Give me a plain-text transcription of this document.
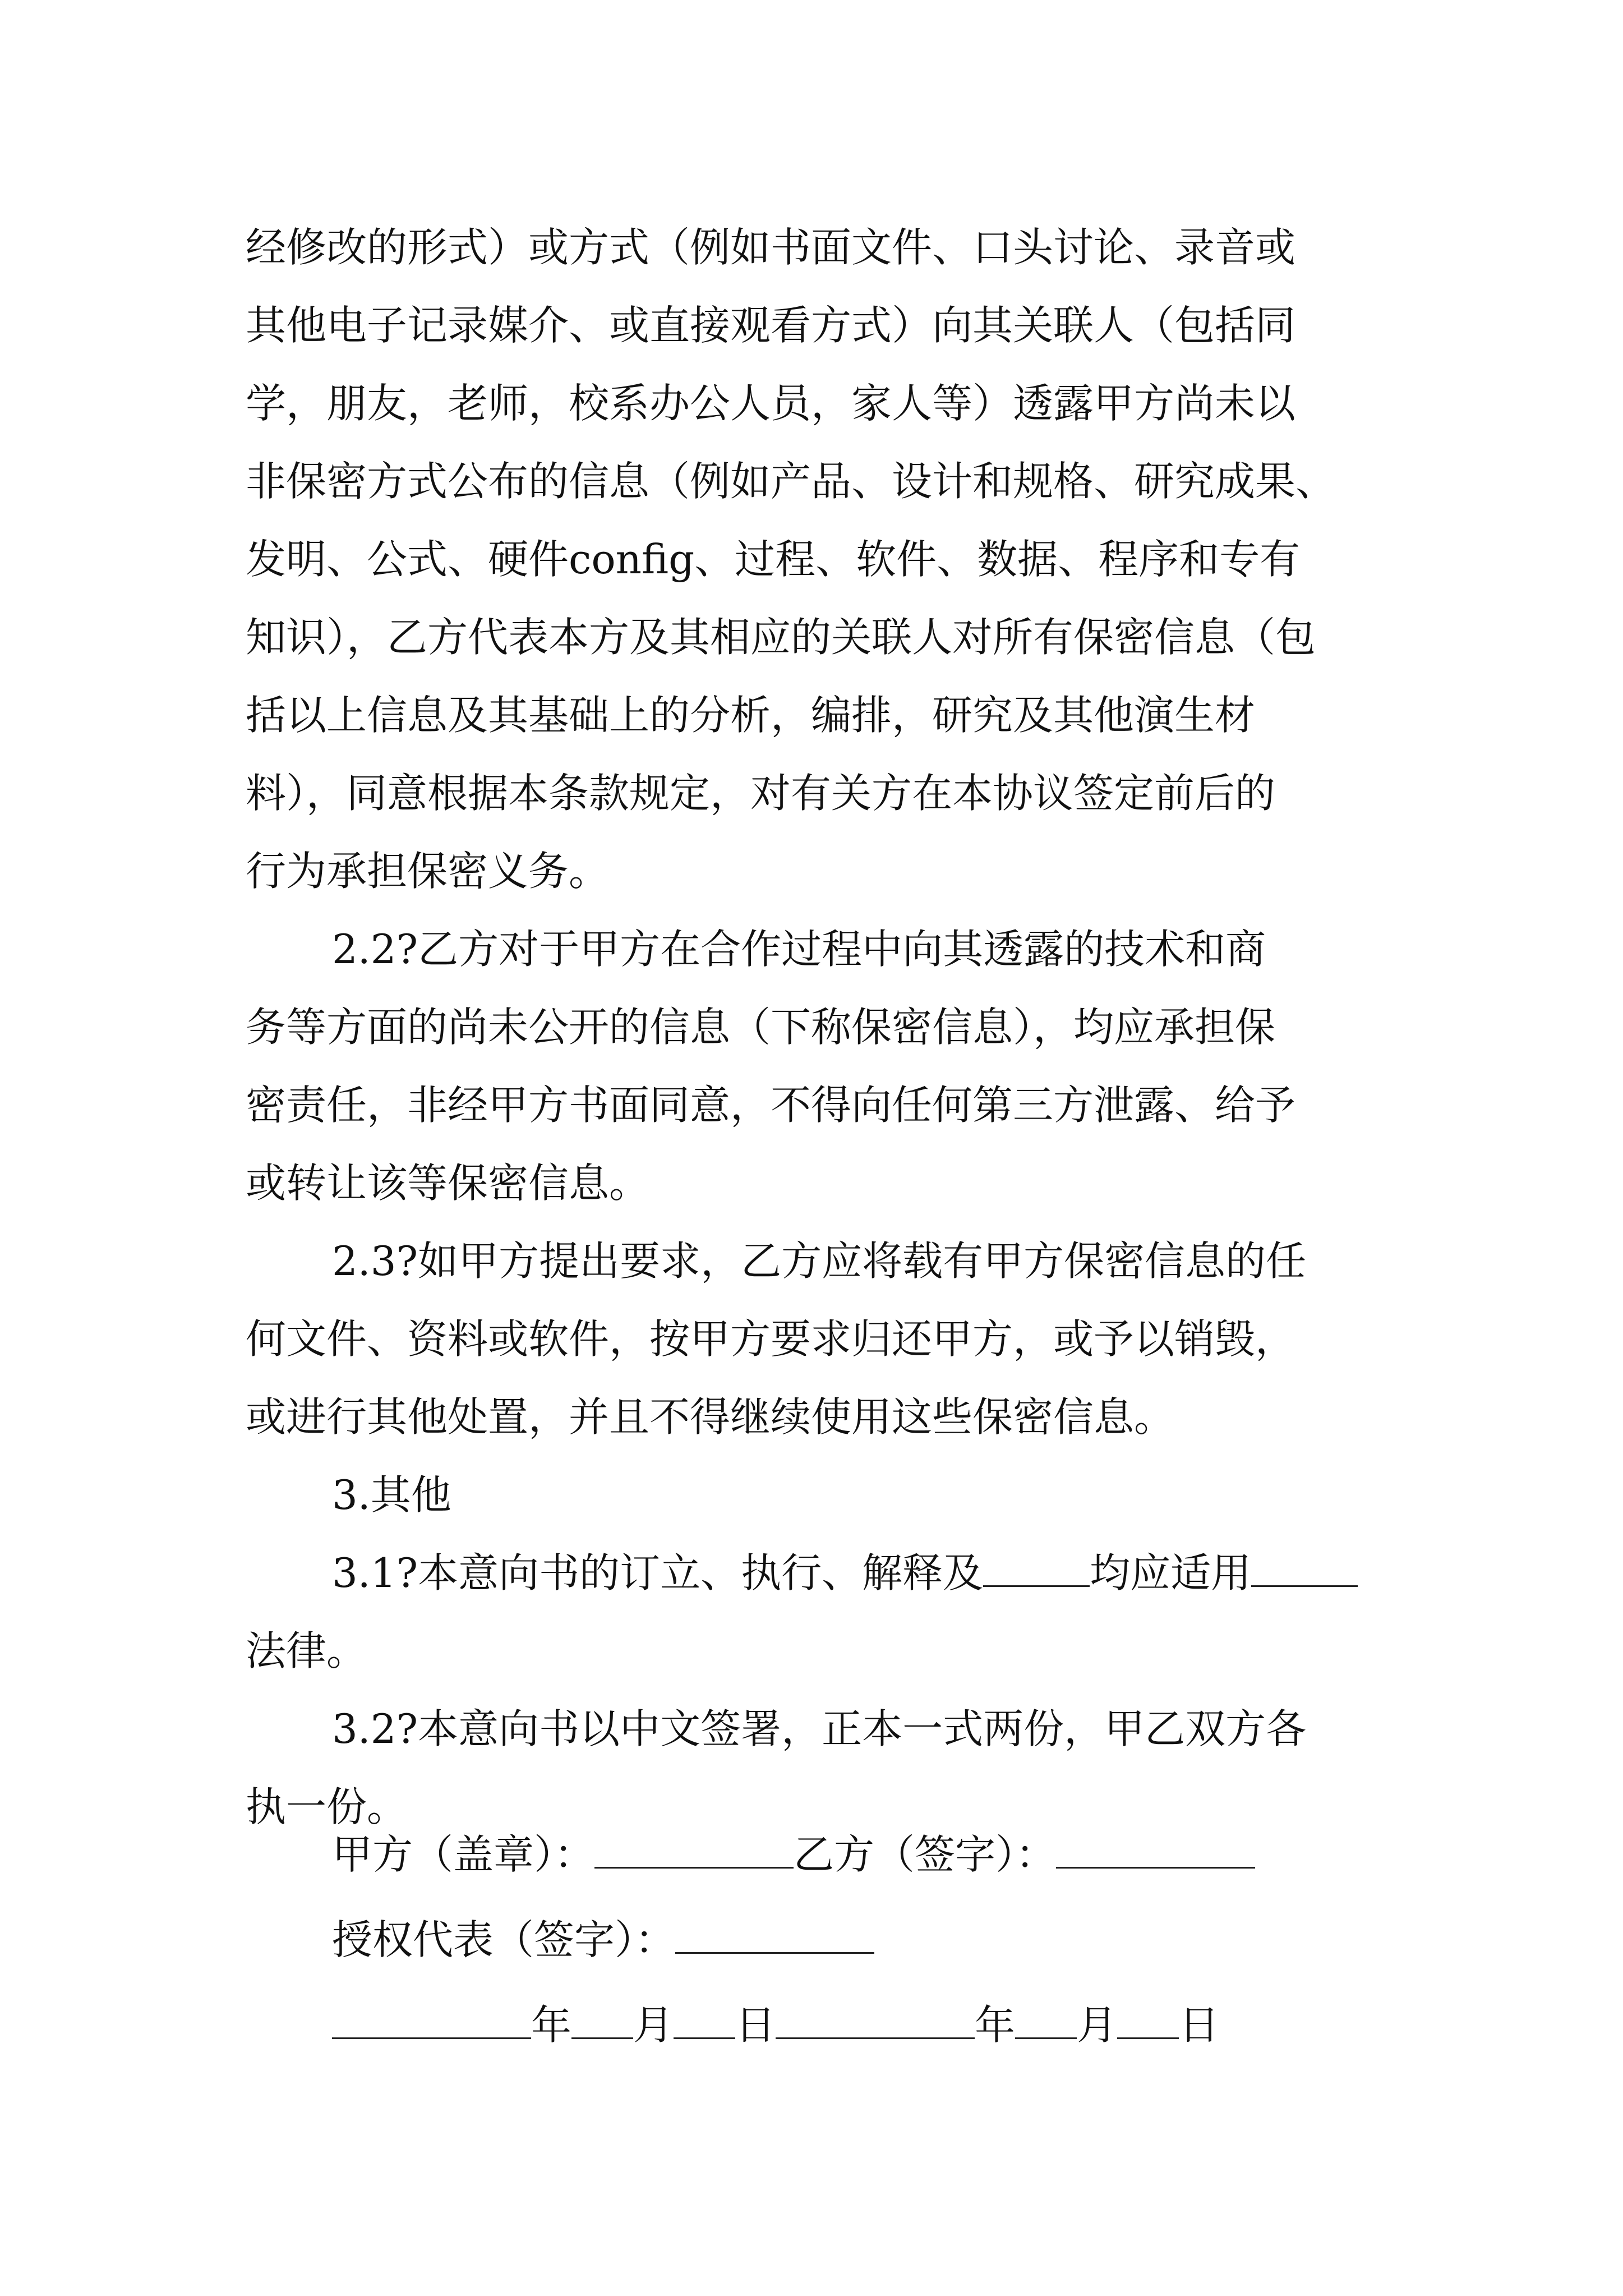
经修改的形式）或方式（例如书面文件、口头讨论、录音或
其他电子记录媒介、或直接观看方式）向其关联人（包括同
学，朋友，老师，校系办公人员，家人等）透露甲方尚未以
非保密方式公布的信息（例如产品、设计和规格、研究成果、
发明、公式、硬件config、过程、软件、数据、程序和专有
知识），乙方代表本方及其相应的关联人对所有保密信息（包
括以上信息及其基础上的分析，编排，研究及其他演生材
料），同意根据本条款规定，对有关方在本协议签定前后的
行为承担保密义务。
2.2?乙方对于甲方在合作过程中向其透露的技术和商
务等方面的尚未公开的信息（下称保密信息），均应承担保
密责任，非经甲方书面同意，不得向任何第三方泄露、给予
或转让该等保密信息。
2.3?如甲方提出要求，乙方应将载有甲方保密信息的任
何文件、资料或软件，按甲方要求归还甲方，或予以销毁，
或进行其他处置，并且不得继续使用这些保密信息。
3.其他
3.1?本意向书的订立、执行、解释及	均应适用
法律。
3.2?本意向书以中文签署，正本一式两份，甲乙双方各
执一份。
甲方（盖章）：	乙方（签字）：
授权代表（签字）：
年 月 日	年 月 日
